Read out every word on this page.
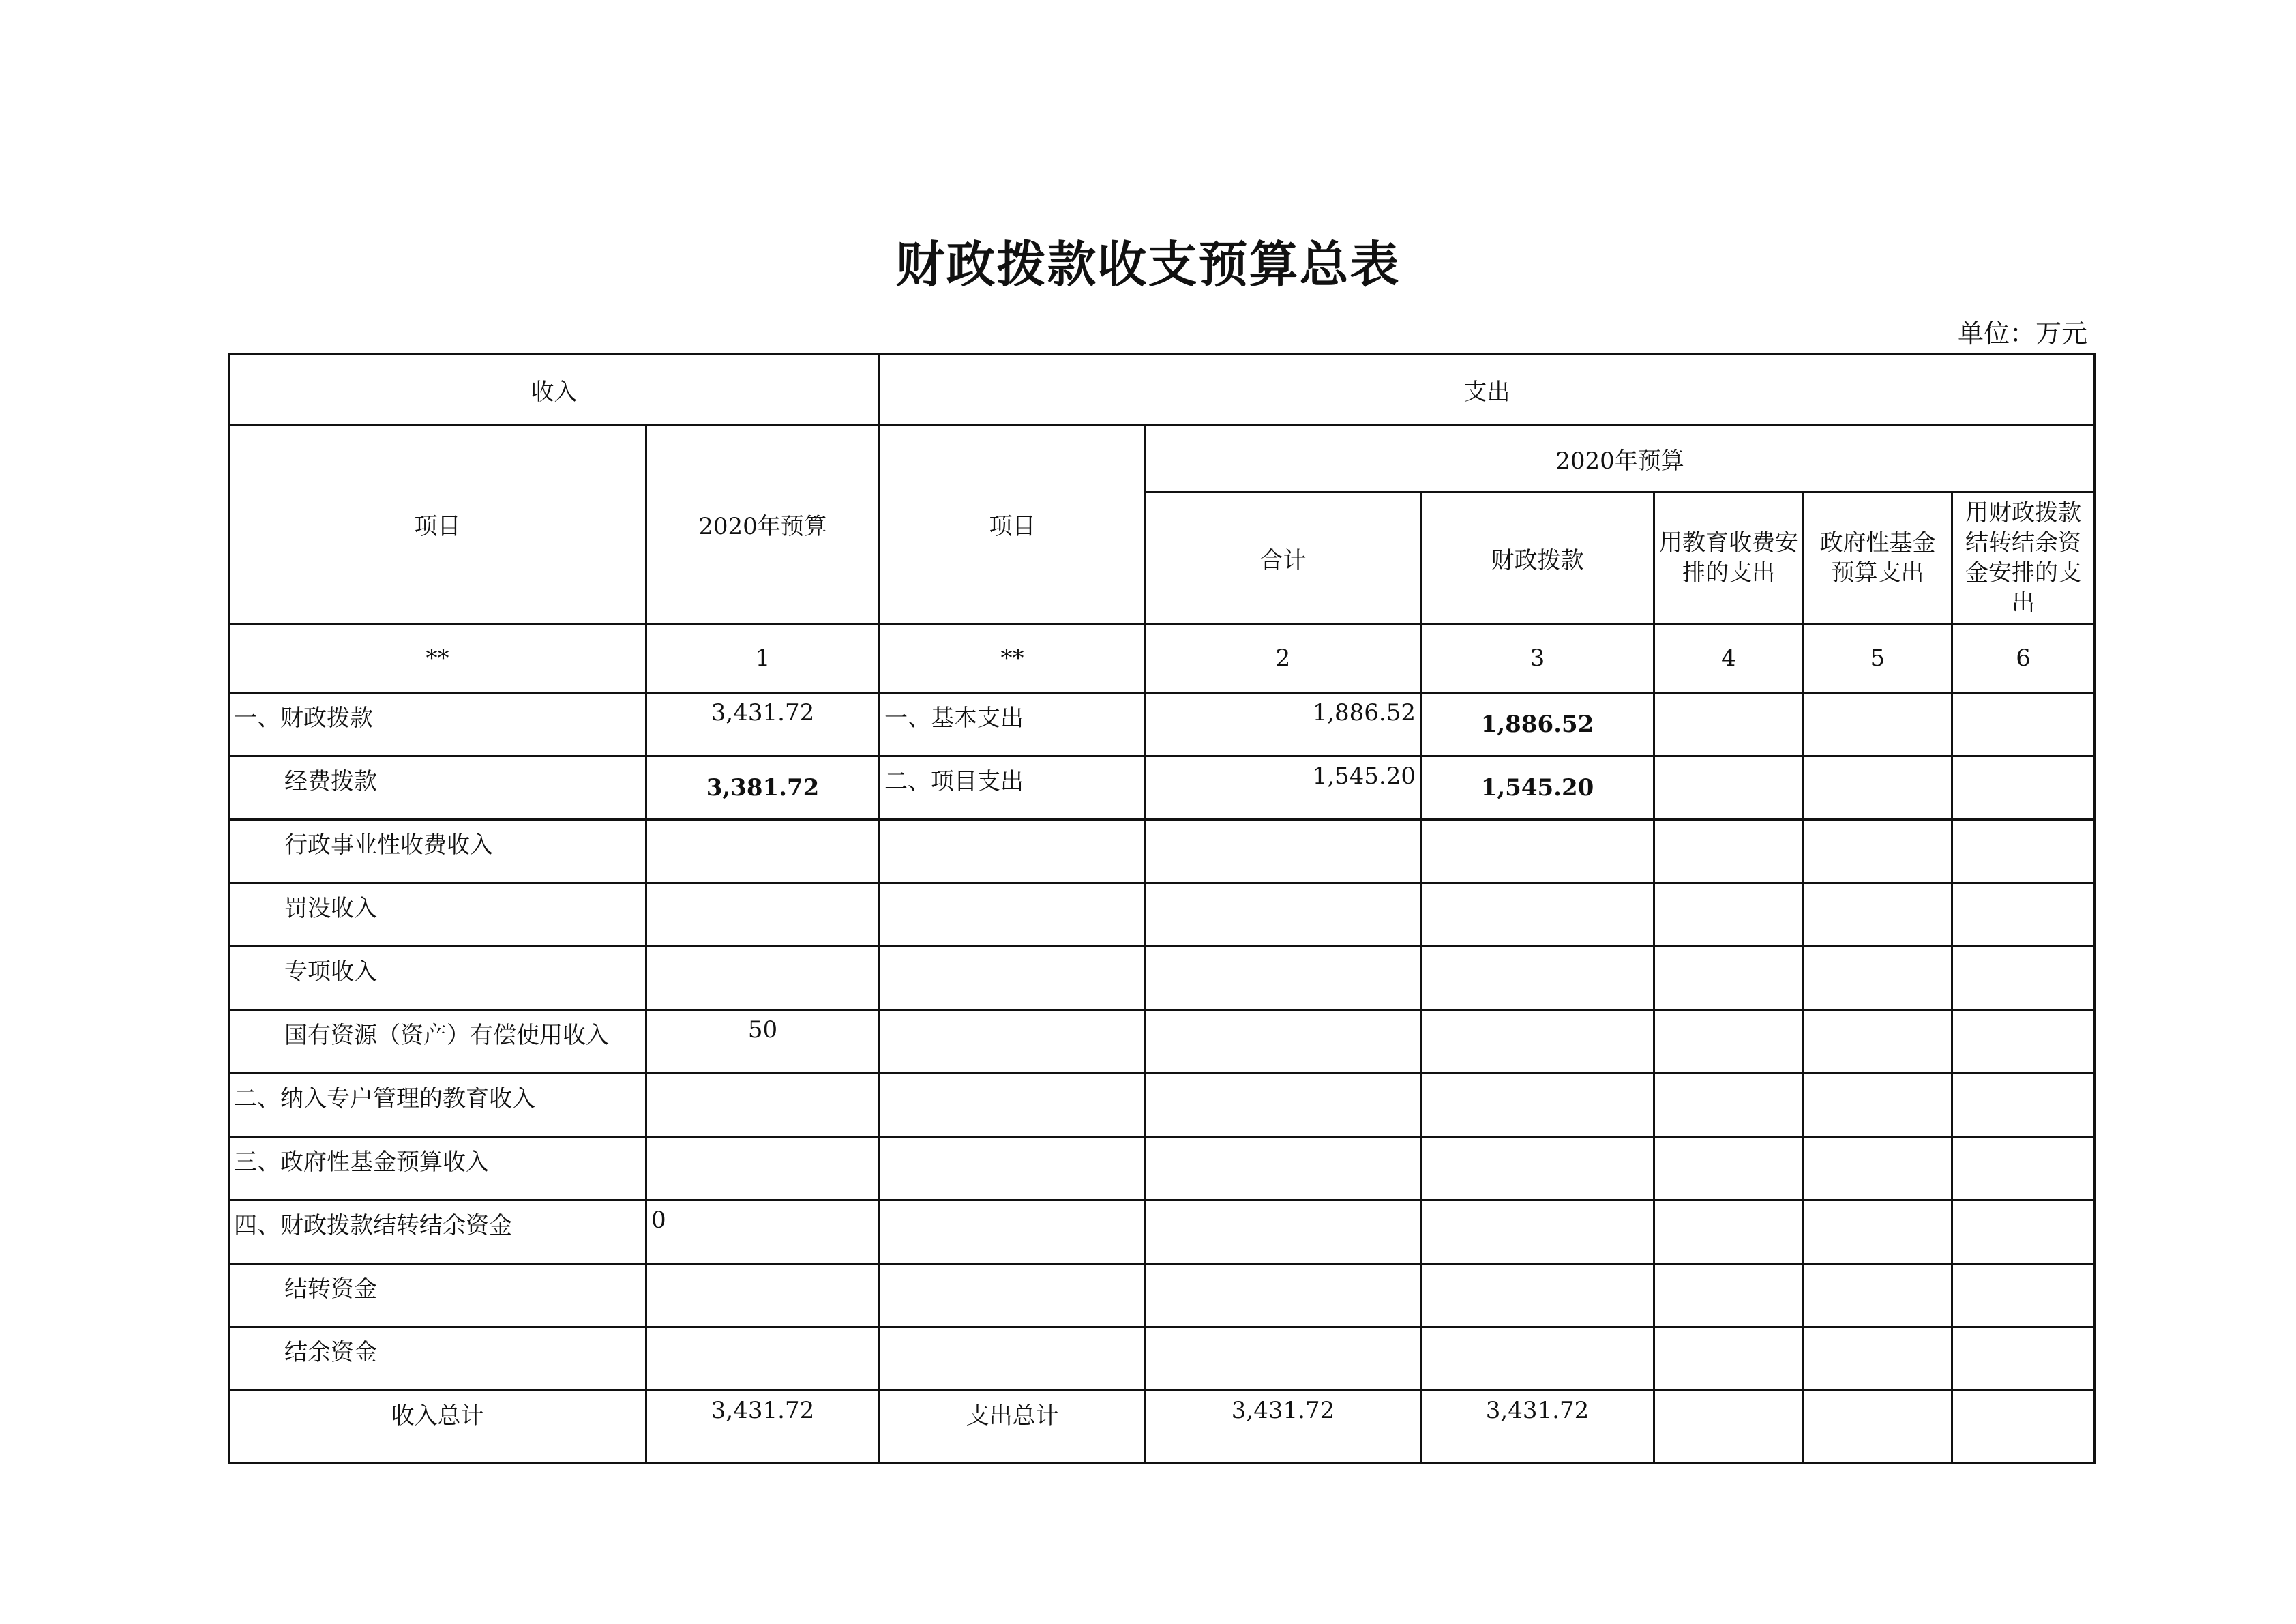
财政拨款收支预算总表
单位：万元
收入		支出					
项目	2020年预算	项目	2020年预算				
			合计	财政拨款	用教育收费安排的支出	政府性基金预算支出	用财政拨款结转结余资金安排的支出
**	1	**	2	3	4	5	6
一、财政拨款	3,431.72	一、基本支出	1,886.52	1,886.52			
经费拨款	3,381.72	二、项目支出	1,545.20	1,545.20			
行政事业性收费收入							
罚没收入							
专项收入							
国有资源（资产）有偿使用收入	50						
二、纳入专户管理的教育收入							
三、政府性基金预算收入							
四、财政拨款结转结余资金	0						
结转资金							
结余资金							
收入总计	3,431.72	支出总计	3,431.72	3,431.72			
